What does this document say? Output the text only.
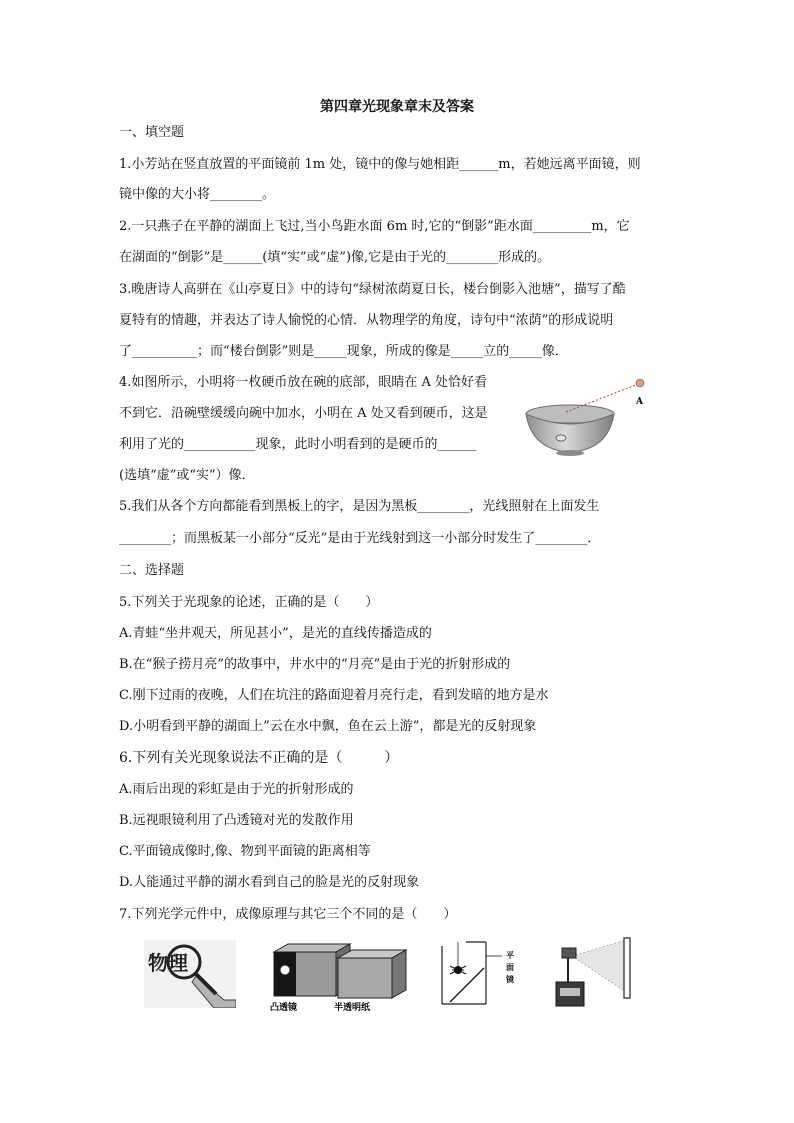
第四章光现象章末及答案
一、填空题
1.小芳站在竖直放置的平面镜前 1m 处，镜中的像与她相距______m，若她远离平面镜，则
镜中像的大小将________。
2.一只燕子在平静的湖面上飞过,当小鸟距水面 6m 时,它的“倒影”距水面_________m，它
在湖面的“倒影”是______(填“实”或“虚”)像,它是由于光的________形成的。
3.晚唐诗人高骈在《山亭夏日》中的诗句“绿树浓荫夏日长，楼台倒影入池塘”，描写了酷
夏特有的情趣，并表达了诗人愉悦的心情．从物理学的角度，诗句中“浓荫”的形成说明
了__________；而“楼台倒影”则是_____现象，所成的像是_____立的_____像．
4.如图所示，小明将一枚硬币放在碗的底部，眼睛在 A 处恰好看
不到它．沿碗壁缓缓向碗中加水，小明在 A 处又看到硬币，这是
利用了光的___________现象，此时小明看到的是硬币的______
(选填“虚”或“实”）像．
5.我们从各个方向都能看到黑板上的字，是因为黑板________，光线照射在上面发生
________；而黑板某一小部分“反光”是由于光线射到这一小部分时发生了________．
二、选择题
5.下列关于光现象的论述，正确的是（　　）
A.青蛙“坐井观天，所见甚小”，是光的直线传播造成的
B.在“猴子捞月亮”的故事中，井水中的“月亮”是由于光的折射形成的
C.刚下过雨的夜晚，人们在坑注的路面迎着月亮行走，看到发暗的地方是水
D.小明看到平静的湖面上”云在水中飘，鱼在云上游”，都是光的反射现象
6.下列有关光现象说法不正确的是（　　　）
A.雨后出现的彩虹是由于光的折射形成的
B.远视眼镜利用了凸透镜对光的发散作用
C.平面镜成像时,像、物到平面镜的距离相等
D.人能通过平静的湖水看到自己的脸是光的反射现象
7.下列光学元件中，成像原理与其它三个不同的是（　　）
A
物理
凸透镜	半透明纸
平
面
镜
